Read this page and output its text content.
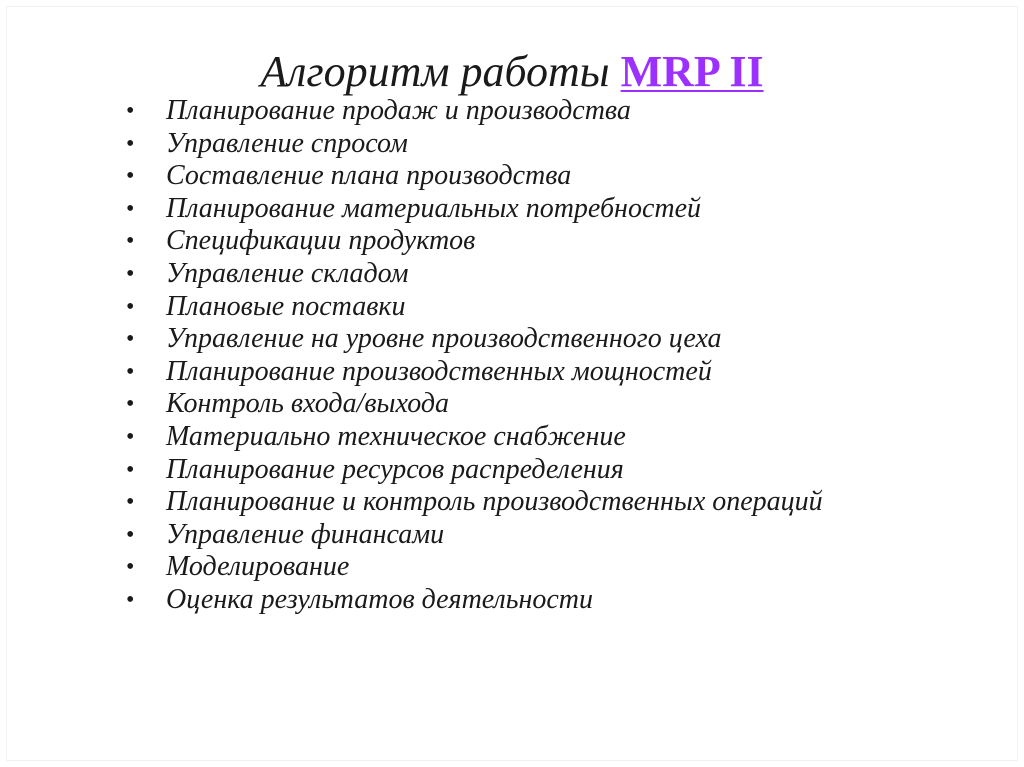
Алгоритм работы MRP II
•	Планирование продаж и производства
•	Управление спросом
•	Составление плана производства
•	Планирование материальных потребностей
•	Спецификации продуктов
•	Управление складом
•	Плановые поставки
•	Управление на уровне производственного цеха
•	Планирование производственных мощностей
•	Контроль входа/выхода
•	Материально техническое снабжение
•	Планирование ресурсов распределения
•	Планирование и контроль производственных операций
•	Управление финансами
•	Моделирование
•	Оценка результатов деятельности
